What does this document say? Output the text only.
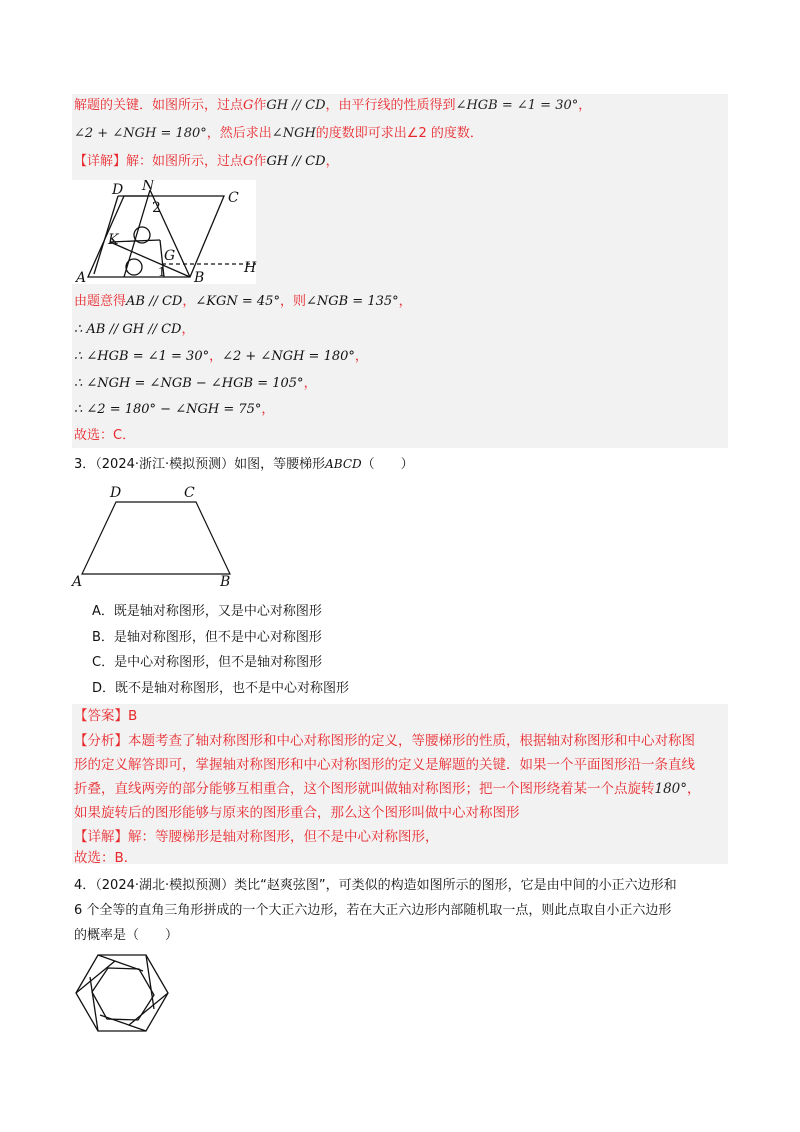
解题的关键．如图所示，过点G作GH // CD，由平行线的性质得到∠HGB = ∠1 = 30°，
∠2 + ∠NGH = 180°，然后求出∠NGH的度数即可求出∠2 的度数．
【详解】解：如图所示，过点G作GH // CD，
D N
C
2
K
G
A	1 B
H
由题意得AB // CD，∠KGN = 45°，则∠NGB = 135°，
∴ AB // GH // CD，
∴ ∠HGB = ∠1 = 30°，∠2 + ∠NGH = 180°，
∴ ∠NGH = ∠NGB − ∠HGB = 105°，
∴ ∠2 = 180° − ∠NGH = 75°，
故选：C．
3．（2024·浙江·模拟预测）如图，等腰梯形ABCD（　　）
D	C
A	B
A．既是轴对称图形，又是中心对称图形
B．是轴对称图形，但不是中心对称图形
C．是中心对称图形，但不是轴对称图形
D．既不是轴对称图形，也不是中心对称图形
【答案】B
【分析】本题考查了轴对称图形和中心对称图形的定义，等腰梯形的性质，根据轴对称图形和中心对称图
形的定义解答即可，掌握轴对称图形和中心对称图形的定义是解题的关键．如果一个平面图形沿一条直线
折叠，直线两旁的部分能够互相重合，这个图形就叫做轴对称图形；把一个图形绕着某一个点旋转180°，
如果旋转后的图形能够与原来的图形重合，那么这个图形叫做中心对称图形
【详解】解：等腰梯形是轴对称图形，但不是中心对称图形，
故选：B．
4．（2024·湖北·模拟预测）类比“赵爽弦图”，可类似的构造如图所示的图形，它是由中间的小正六边形和
6 个全等的直角三角形拼成的一个大正六边形，若在大正六边形内部随机取一点，则此点取自小正六边形
的概率是（　　）
